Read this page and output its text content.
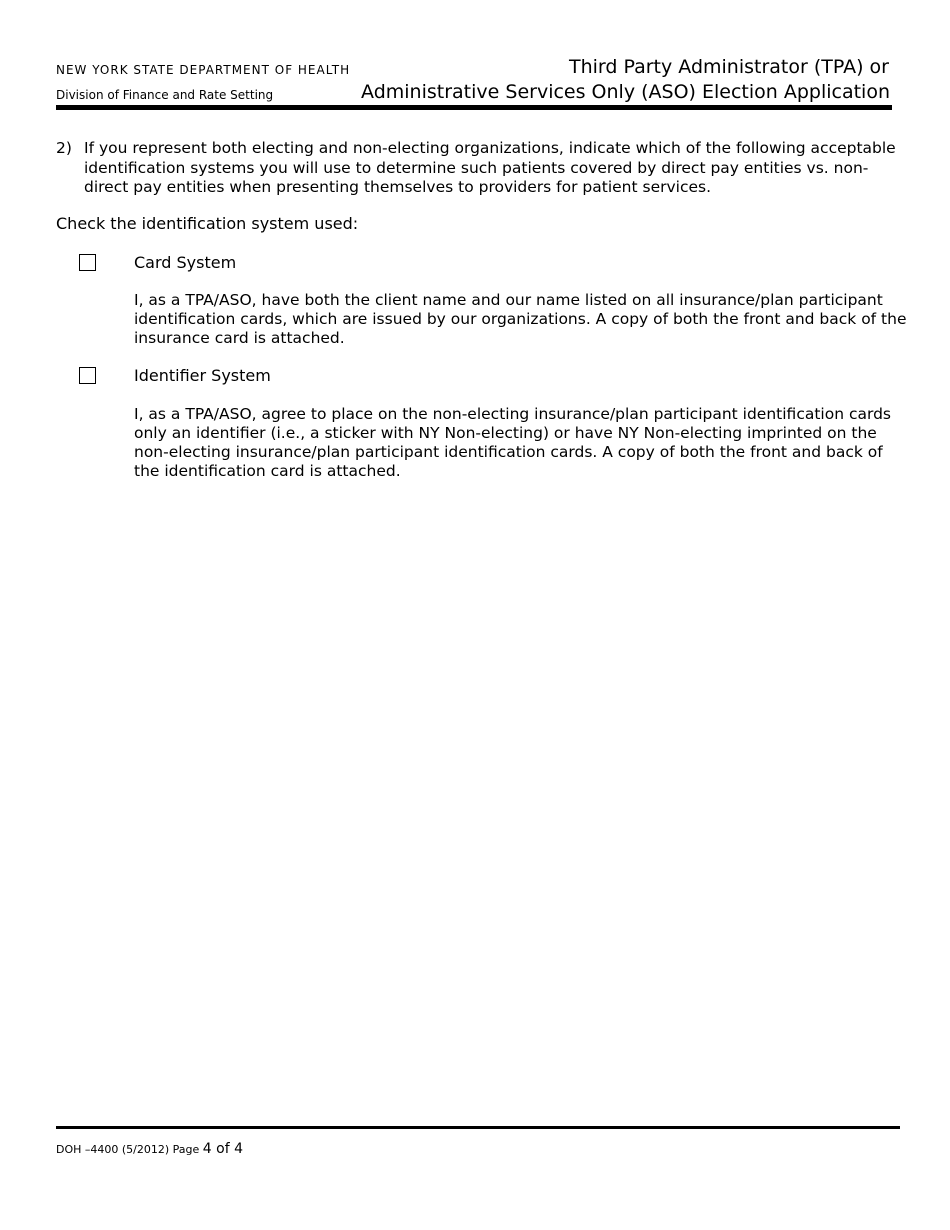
NEW YORK STATE DEPARTMENT OF HEALTH
Division of Finance and Rate Setting
Third Party Administrator (TPA) or
Administrative Services Only (ASO) Election Application
2) If you represent both electing and non-electing organizations, indicate which of the following acceptable identification systems you will use to determine such patients covered by direct pay entities vs. non-direct pay entities when presenting themselves to providers for patient services.
Check the identification system used:
Card System
I, as a TPA/ASO, have both the client name and our name listed on all insurance/plan participant identification cards, which are issued by our organizations. A copy of both the front and back of the insurance card is attached.
Identifier System
I, as a TPA/ASO, agree to place on the non-electing insurance/plan participant identification cards only an identifier (i.e., a sticker with NY Non-electing) or have NY Non-electing imprinted on the non-electing insurance/plan participant identification cards. A copy of both the front and back of the identification card is attached.
DOH –4400 (5/2012) Page 4 of 4
